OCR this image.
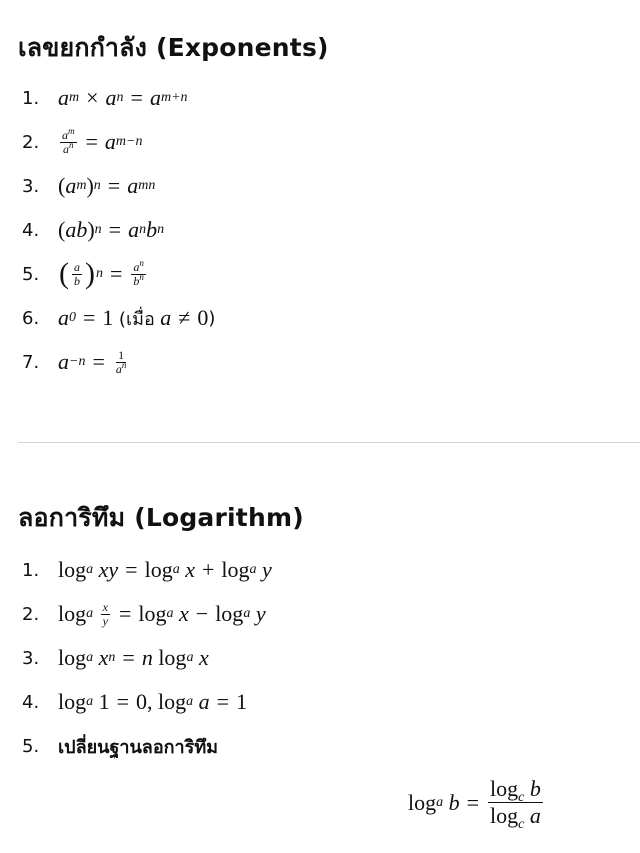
เลขยกกำลัง (Exponents)
1. a m × a n = a m+n
2.	$\frac{a^m}{a^n} = a$ m−n
3. ( a m ) n = a mn
4. ( ab ) n = a n b n
5. ( $\frac{a}{b}$ ) $n = \frac{a^n}{b^n}$
6. a 0 = 1 (เมื่อ
a ≠ 0 )
7. $a -n = \frac{1}{a^n}$
ลอการิทึม (Logarithm)
1. log a
xy = log a
x + log a
y
2. log a
$\frac{x}{y} = \log a$
x − log a
y
3. log a
x n = n log a
x
4. log a 1 = 0, log a
a = 1
5.	เปลี่ยนฐานลอการิทึม
log a
$b = \frac{\log_c b}{\log_c a}$
